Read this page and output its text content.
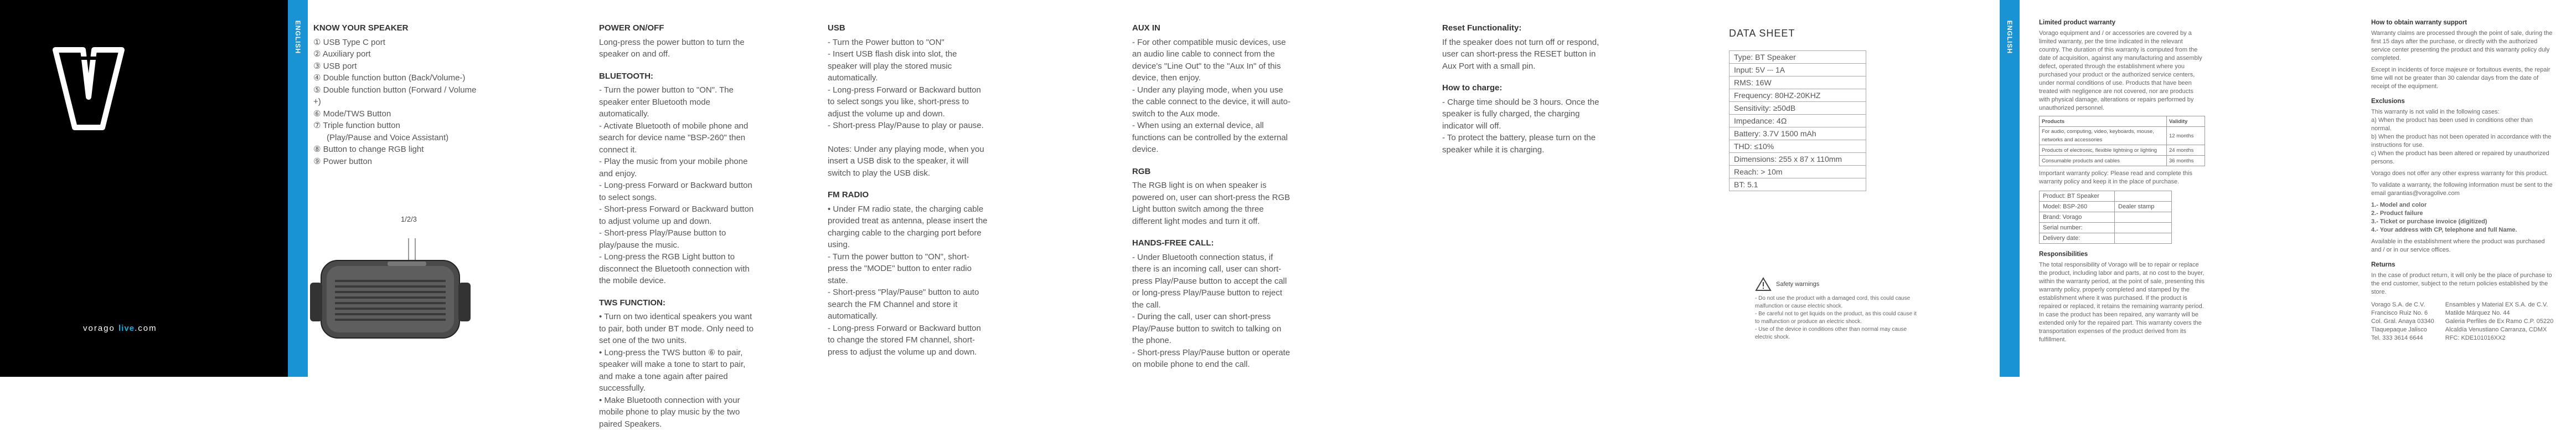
vorago live.com
ENGLISH KNOW YOUR SPEAKER
① USB Type C port
② Auxiliary port
③ USB port
④ Double function button (Back/Volume-)
⑤ Double function button (Forward / Volume +)
⑥ Mode/TWS Button
⑦ Triple function button
(Play/Pause and Voice Assistant)
⑧ Button to change RGB light
⑨ Power button
1/2/3
POWER ON/OFF

Long-press the power button to turn the speaker on and off.

BLUETOOTH:

- Turn the power button to "ON". The speaker enter Bluetooth mode automatically.

- Activate Bluetooth of mobile phone and search for device name "BSP-260" then connect it.

- Play the music from your mobile phone and enjoy.

- Long-press Forward or Backward button to select songs.

- Short-press Forward or Backward button to adjust volume up and down.

- Short-press Play/Pause button to play/pause the music.

- Long-press the RGB Light button to disconnect the Bluetooth connection with the mobile device.

TWS FUNCTION:

• Turn on two identical speakers you want to pair, both under BT mode. Only need to set one of the two units.

• Long-press the TWS button ⑥ to pair, speaker will make a tone to start to pair, and make a tone again after paired successfully.

• Make Bluetooth connection with your mobile phone to play music by the two paired Speakers.

USB

- Turn the Power button to "ON"

- Insert USB flash disk into slot, the speaker will play the stored music automatically.

- Long-press Forward or Backward button to select songs you like, short-press to adjust the volume up and down.

- Short-press Play/Pause to play or pause.

Notes: Under any playing mode, when you insert a USB disk to the speaker, it will switch to play the USB disk.

FM RADIO

• Under FM radio state, the charging cable provided treat as antenna, please insert the charging cable to the charging port before using.

- Turn the power button to "ON", short-press the "MODE" button to enter radio state.

- Short-press "Play/Pause" button to auto search the FM Channel and store it automatically.

- Long-press Forward or Backward button to change the stored FM channel, short-press to adjust the volume up and down.

AUX IN

- For other compatible music devices, use an audio line cable to connect from the device's "Line Out" to the "Aux In" of this device, then enjoy.

- Under any playing mode, when you use the cable connect to the device, it will auto-switch to the Aux mode.

- When using an external device, all functions can be controlled by the external device.

RGB

The RGB light is on when speaker is powered on, user can short-press the RGB Light button switch among the three different light modes and turn it off.

HANDS-FREE CALL:

- Under Bluetooth connection status, if there is an incoming call, user can short-press Play/Pause button to accept the call or long-press Play/Pause button to reject the call.

- During the call, user can short-press Play/Pause button to switch to talking on the phone.

- Short-press Play/Pause button or operate on mobile phone to end the call.

Reset Functionality:

If the speaker does not turn off or respond, user can short-press the RESET button in Aux Port with a small pin.

How to charge:

- Charge time should be 3 hours. Once the speaker is fully charged, the charging indicator will off.

- To protect the battery, please turn on the speaker while it is charging.

DATA SHEET
Type: BT Speaker
Input: 5V ⎓ 1A
RMS: 16W
Frequency: 80HZ-20KHZ
Sensitivity: ≥50dB
Impedance: 4Ω
Battery: 3.7V 1500 mAh
THD: ≤10%
Dimensions: 255 x 87 x 110mm
Reach: > 10m
BT: 5.1
Safety warnings

- Do not use the product with a damaged cord, this could cause malfunction or cause electric shock.

- Be careful not to get liquids on the product, as this could cause it to malfunction or produce an electric shock.

- Use of the device in conditions other than normal may cause electric shock.

ENGLISH	Limited product warranty

Vorago equipment and / or accessories are covered by a limited warranty, per the time indicated in the relevant country. The duration of this warranty is computed from the date of acquisition, against any manufacturing and assembly defect, operated through the establishment where you purchased your product or the authorized service centers, under normal conditions of use. Products that have been treated with negligence are not covered, nor are products with physical damage, alterations or repairs performed by unauthorized personnel.

Products	Validity
For audio, computing, video, keyboards, mouse, networks and accessories	12 months
Products of electronic, flexible lightning or lighting	24 months
Consumable products and cables	36 months

Important warranty policy: Please read and complete this warranty policy and keep it in the place of purchase.

Product: BT Speaker	
Model: BSP-260	Dealer stamp
Brand: Vorago	
Serial number:	
Delivery date:	
Responsibilities

The total responsibility of Vorago will be to repair or replace the product, including labor and parts, at no cost to the buyer, within the warranty period, at the point of sale, presenting this warranty policy, properly completed and stamped by the establishment where it was purchased. If the product is repaired or replaced, it retains the remaining warranty period. In case the product has been repaired, any warranty will be extended only for the repaired part. This warranty covers the transportation expenses of the product derived from its fulfillment.

How to obtain warranty support

Warranty claims are processed through the point of sale, during the first 15 days after the purchase, or directly with the authorized service center presenting the product and this warranty policy duly completed.

Except in incidents of force majeure or fortuitous events, the repair time will not be greater than 30 calendar days from the date of receipt of the equipment.

Exclusions

This warranty is not valid in the following cases:

a) When the product has been used in conditions other than normal.

b) When the product has not been operated in accordance with the instructions for use.

c) When the product has been altered or repaired by unauthorized persons.

Vorago does not offer any other express warranty for this product.

To validate a warranty, the following information must be sent to the email garantias@voragolive.com

1.- Model and color

2.- Product failure

3.- Ticket or purchase invoice (digitized)

4.- Your address with CP, telephone and full Name.

Available in the establishment where the product was purchased and / or in our service offices.

Returns

In the case of product return, it will only be the place of purchase to the end customer, subject to the return policies established by the store.

Vorago S.A. de C.V.
Francisco Ruiz No. 6
Col. Gral. Anaya 03340
Tlaquepaque Jalisco
Tel. 333 3614 6644
Ensambles y Material EX S.A. de C.V.
Matilde Márquez No. 44
Galeria Perfiles de Ex Ramo C.P. 05220
Alcaldía Venustiano Carranza, CDMX
RFC: KDE101016XX2
